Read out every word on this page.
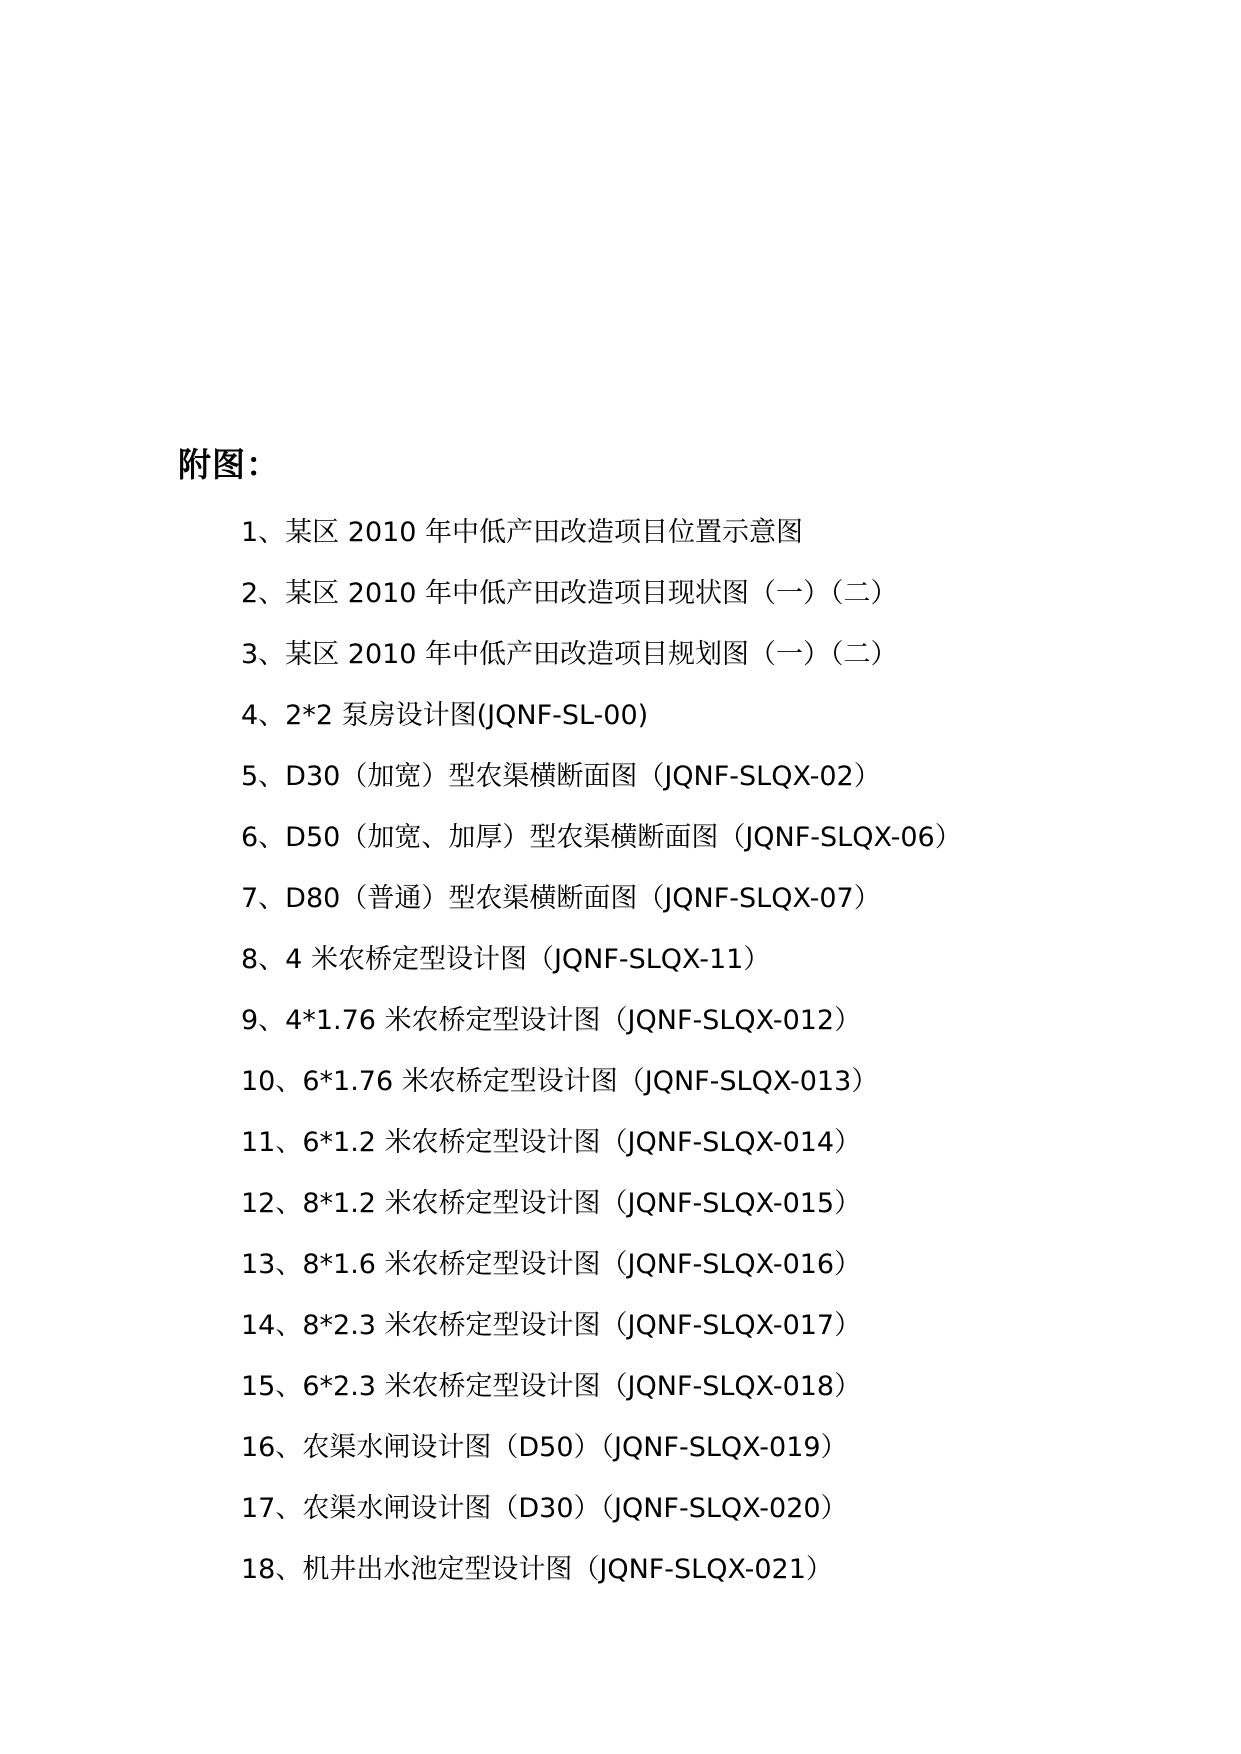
附图：
1、某区 2010 年中低产田改造项目位置示意图
2、某区 2010 年中低产田改造项目现状图（一）（二）
3、某区 2010 年中低产田改造项目规划图（一）（二）
4、2*2 泵房设计图(JQNF-SL-00)
5、D30（加宽）型农渠横断面图（JQNF-SLQX-02）
6、D50（加宽、加厚）型农渠横断面图（JQNF-SLQX-06）
7、D80（普通）型农渠横断面图（JQNF-SLQX-07）
8、4 米农桥定型设计图（JQNF-SLQX-11）
9、4*1.76 米农桥定型设计图（JQNF-SLQX-012）
10、6*1.76 米农桥定型设计图（JQNF-SLQX-013）
11、6*1.2 米农桥定型设计图（JQNF-SLQX-014）
12、8*1.2 米农桥定型设计图（JQNF-SLQX-015）
13、8*1.6 米农桥定型设计图（JQNF-SLQX-016）
14、8*2.3 米农桥定型设计图（JQNF-SLQX-017）
15、6*2.3 米农桥定型设计图（JQNF-SLQX-018）
16、农渠水闸设计图（D50）（JQNF-SLQX-019）
17、农渠水闸设计图（D30）（JQNF-SLQX-020）
18、机井出水池定型设计图（JQNF-SLQX-021）
